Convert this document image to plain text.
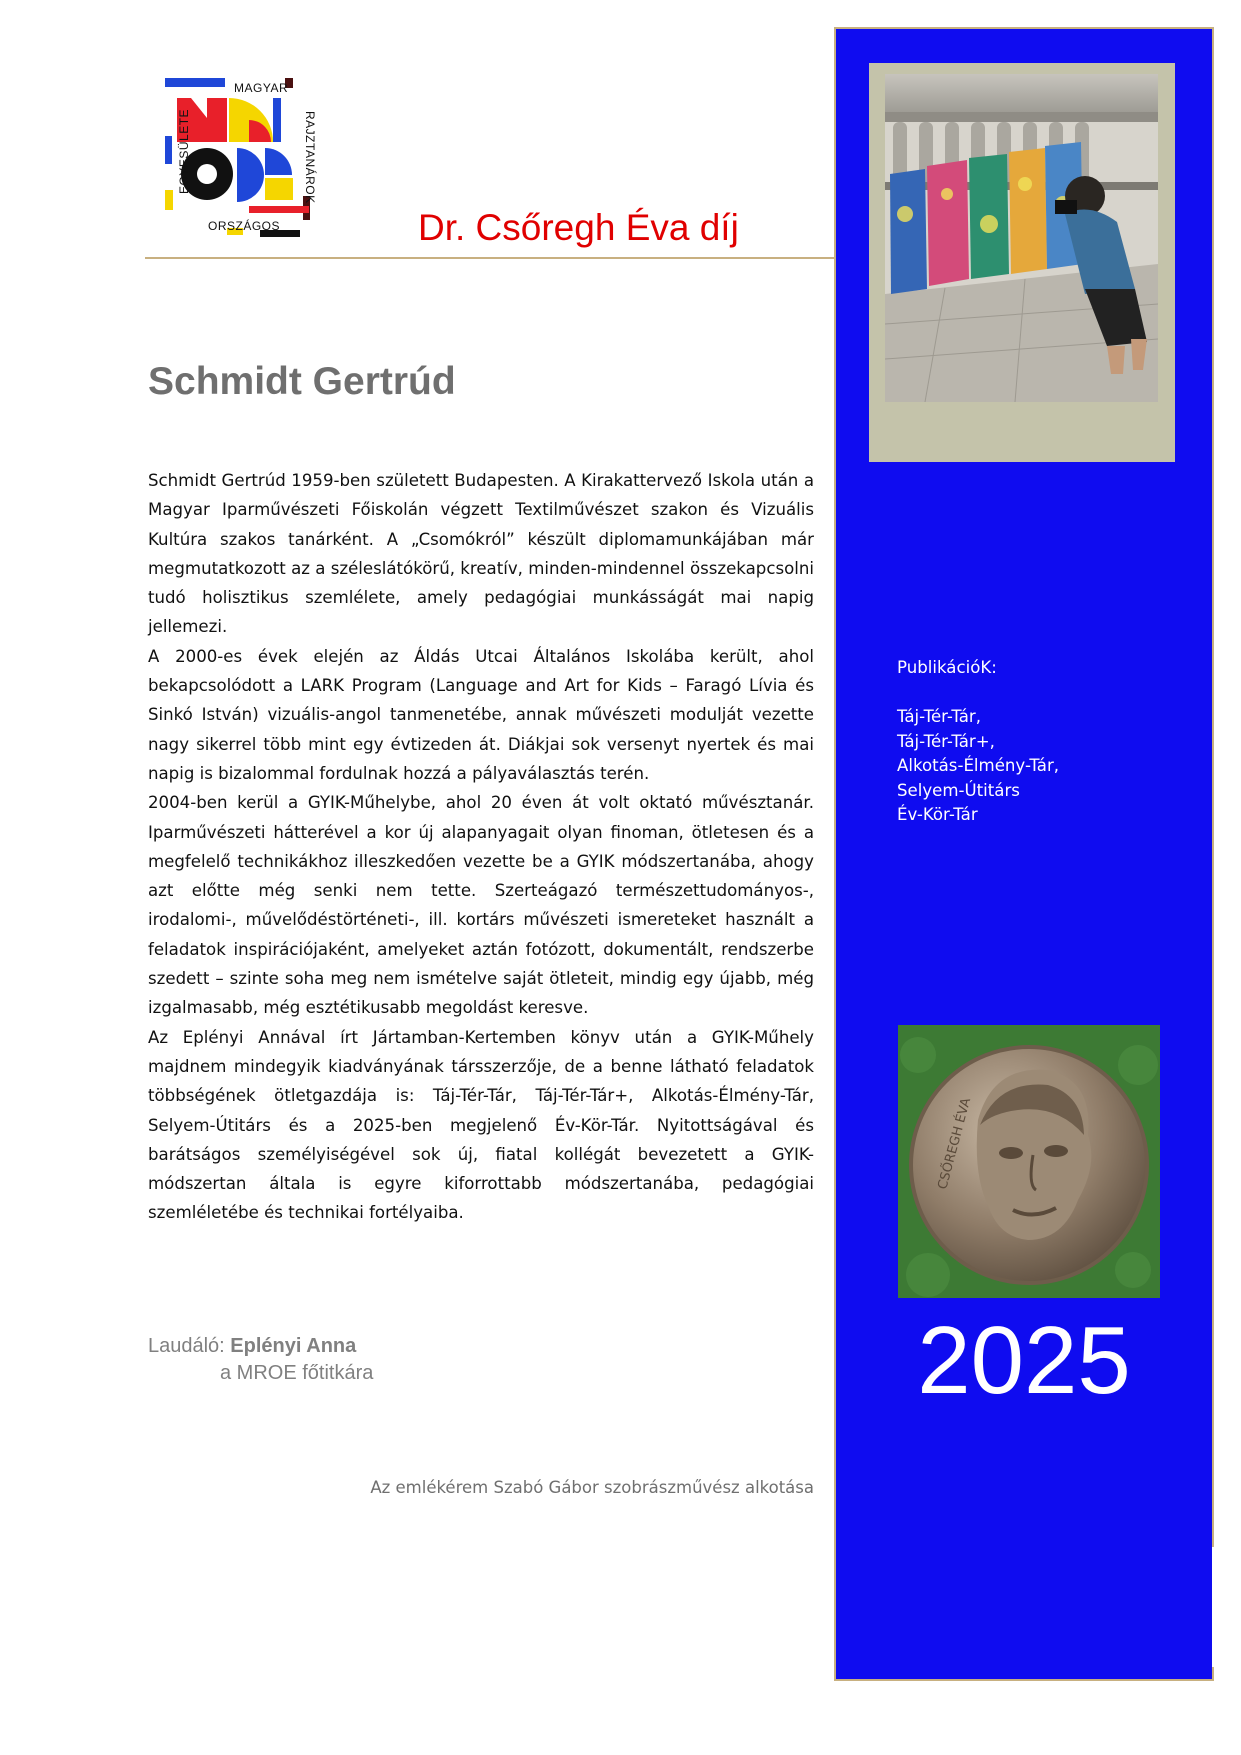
MAGYAR
RAJZTANÁROK
ORSZÁGOS
EGYESÜLETE
Dr. Csőregh Éva díj
Schmidt Gertrúd

Schmidt Gertrúd 1959-ben született Budapesten. A Kirakattervező Iskola után a Magyar Iparművészeti Főiskolán végzett Textilművészet szakon és Vizuális Kultúra szakos tanárként. A „Csomókról” készült diplomamunkájában már megmutatkozott az a széleslátókörű, kreatív, minden-mindennel összekapcsolni tudó holisztikus szemlélete, amely pedagógiai munkásságát mai napig jellemezi.

A 2000-es évek elején az Áldás Utcai Általános Iskolába került, ahol bekapcsolódott a LARK Program (Language and Art for Kids – Faragó Lívia és Sinkó István) vizuális-angol tanmenetébe, annak művészeti modulját vezette nagy sikerrel több mint egy évtizeden át. Diákjai sok versenyt nyertek és mai napig is bizalommal fordulnak hozzá a pályaválasztás terén.

2004-ben kerül a GYIK-Műhelybe, ahol 20 éven át volt oktató művésztanár. Iparművészeti hátterével a kor új alapanyagait olyan finoman, ötletesen és a megfelelő technikákhoz illeszkedően vezette be a GYIK módszertanába, ahogy azt előtte még senki nem tette. Szerteágazó természettudományos-, irodalomi-, művelődéstörténeti-, ill. kortárs művészeti ismereteket használt a feladatok inspirációjaként, amelyeket aztán fotózott, dokumentált, rendszerbe szedett – szinte soha meg nem ismételve saját ötleteit, mindig egy újabb, még izgalmasabb, még esztétikusabb megoldást keresve.

Az Eplényi Annával írt Jártamban-Kertemben könyv után a GYIK-Műhely majdnem mindegyik kiadványának társszerzője, de a benne látható feladatok többségének ötletgazdája is: Táj-Tér-Tár, Táj-Tér-Tár+, Alkotás-Élmény-Tár, Selyem-Útitárs és a 2025-ben megjelenő Év-Kör-Tár. Nyitottságával és barátságos személyiségével sok új, fiatal kollégát bevezetett a GYIK-módszertan általa is egyre kiforrottabb módszertanába, pedagógiai szemléletébe és technikai fortélyaiba.

Laudáló: Eplényi Anna
a MROE főtitkára
Az emlékérem Szabó Gábor szobrászművész alkotása
PublikációK:
Táj-Tér-Tár,
Táj-Tér-Tár+,
Alkotás-Élmény-Tár,
Selyem-Útitárs
Év-Kör-Tár
CSŐREGH ÉVA
2025
